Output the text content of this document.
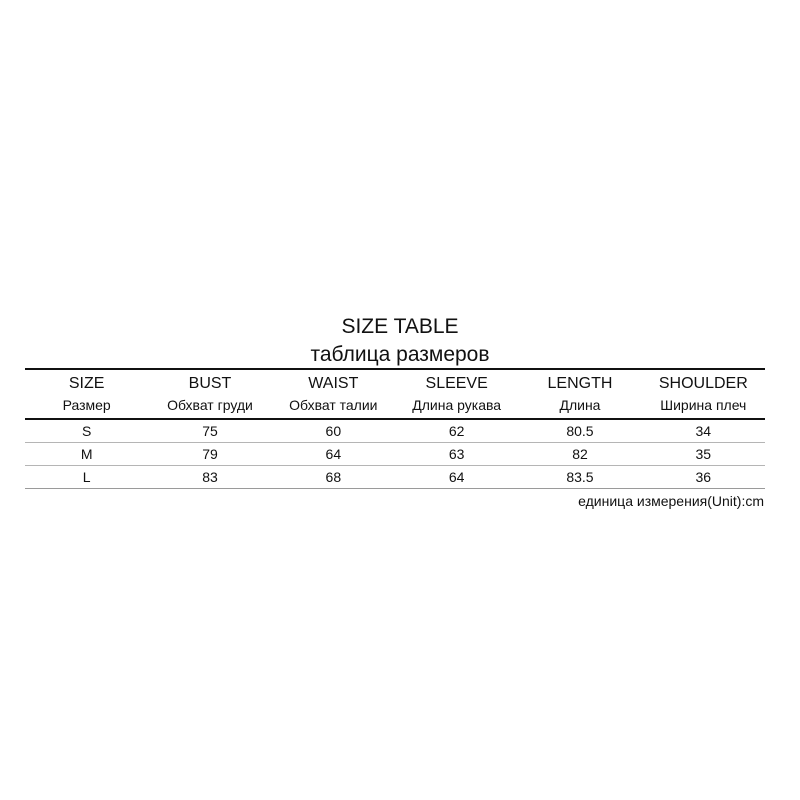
SIZE TABLE
таблица размеров
SIZE	BUST	WAIST	SLEEVE	LENGTH	SHOULDER
Размер	Обхват груди	Обхват талии	Длина рукава	Длина	Ширина плеч
S	75	60	62	80.5	34
M	79	64	63	82	35
L	83	68	64	83.5	36
единица измерения(Unit):cm
